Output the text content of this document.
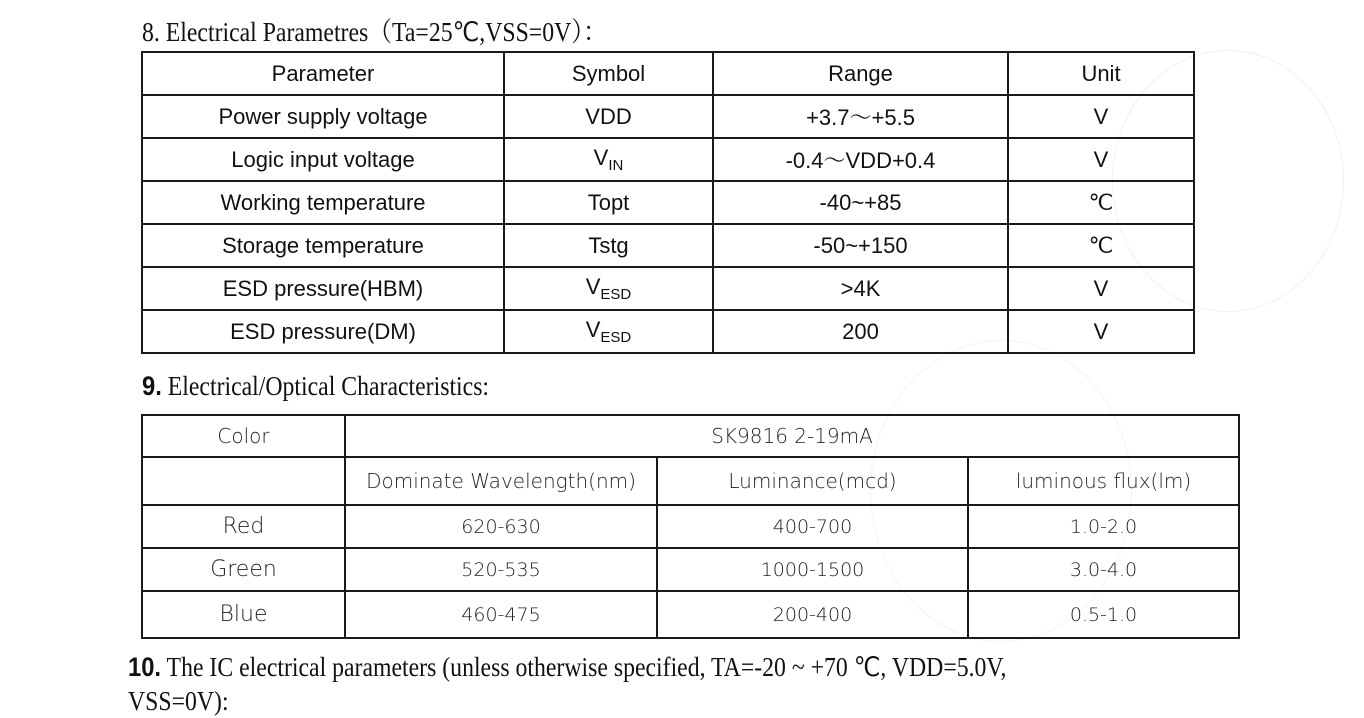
8. Electrical Parametres（Ta=25℃,VSS=0V）：
Parameter	Symbol	Range	Unit
Power supply voltage	VDD	+3.7～+5.5	V
Logic input voltage	$V_{IN}$	-0.4～VDD+0.4	V
Working temperature	Topt	-40~+85	℃
Storage temperature	Tstg	-50~+150	℃
ESD pressure(HBM)	$V_{ESD}$	>4K	V
ESD pressure(DM)	$V_{ESD}$	200	V
9. Electrical/Optical Characteristics:
Color	SK9816 2-19mA		
	Dominate Wavelength(nm)	Luminance(mcd)	luminous flux(lm)
Red	620-630	400-700	1.0-2.0
Green	520-535	1000-1500	3.0-4.0
Blue	460-475	200-400	0.5-1.0
10. The IC electrical parameters (unless otherwise specified, TA=-20 ~ +70 ℃, VDD=5.0V,
VSS=0V):
